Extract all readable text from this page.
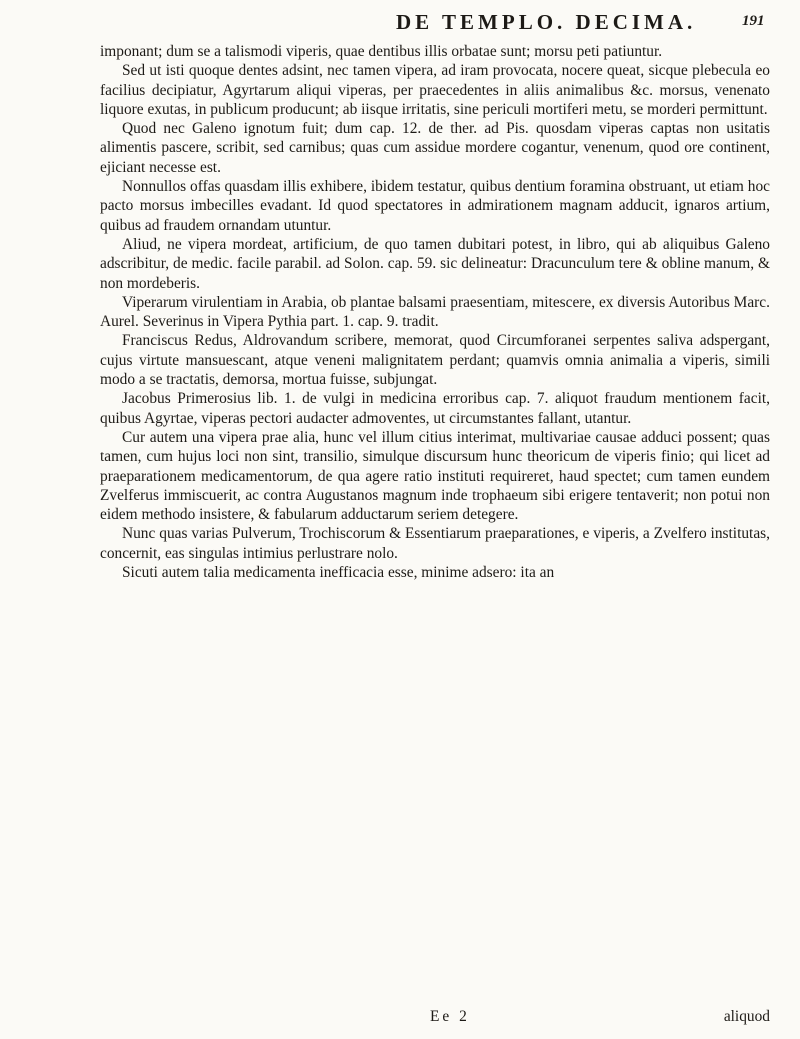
DE TEMPLO. DECIMA.	191

imponant; dum se a talismodi viperis, quae dentibus illis orbatae sunt; morsu peti patiuntur.

Sed ut isti quoque dentes adsint, nec tamen vipera, ad iram provocata, nocere queat, sicque plebecula eo facilius decipiatur, Agyrtarum aliqui viperas, per praecedentes in aliis animalibus &c. morsus, venenato liquore exutas, in publicum producunt; ab iisque irritatis, sine periculi mortiferi metu, se morderi permittunt.

Quod nec Galeno ignotum fuit; dum cap. 12. de ther. ad Pis. quosdam viperas captas non usitatis alimentis pascere, scribit, sed carnibus; quas cum assidue mordere cogantur, venenum, quod ore continent, ejiciant necesse est.

Nonnullos offas quasdam illis exhibere, ibidem testatur, quibus dentium foramina obstruant, ut etiam hoc pacto morsus imbecilles evadant. Id quod spectatores in admirationem magnam adducit, ignaros artium, quibus ad fraudem ornandam utuntur.

Aliud, ne vipera mordeat, artificium, de quo tamen dubitari potest, in libro, qui ab aliquibus Galeno adscribitur, de medic. facile parabil. ad Solon. cap. 59. sic delineatur: Dracunculum tere & obline manum, & non mordeberis.

Viperarum virulentiam in Arabia, ob plantae balsami praesentiam, mitescere, ex diversis Autoribus Marc. Aurel. Severinus in Vipera Pythia part. 1. cap. 9. tradit.

Franciscus Redus, Aldrovandum scribere, memorat, quod Circumforanei serpentes saliva adspergant, cujus virtute mansuescant, atque veneni malignitatem perdant; quamvis omnia animalia a viperis, simili modo a se tractatis, demorsa, mortua fuisse, subjungat.

Jacobus Primerosius lib. 1. de vulgi in medicina erroribus cap. 7. aliquot fraudum mentionem facit, quibus Agyrtae, viperas pectori audacter admoventes, ut circumstantes fallant, utantur.

Cur autem una vipera prae alia, hunc vel illum citius interimat, multivariae causae adduci possent; quas tamen, cum hujus loci non sint, transilio, simulque discursum hunc theoricum de viperis finio; qui licet ad praeparationem medicamentorum, de qua agere ratio instituti requireret, haud spectet; cum tamen eundem Zvelferus immiscuerit, ac contra Augustanos magnum inde trophaeum sibi erigere tentaverit; non potui non eidem methodo insistere, & fabularum adductarum seriem detegere.

Nunc quas varias Pulverum, Trochiscorum & Essentiarum praeparationes, e viperis, a Zvelfero institutas, concernit, eas singulas intimius perlustrare nolo.

Sicuti autem talia medicamenta inefficacia esse, minime adsero: ita an

Ee 2	aliquod
